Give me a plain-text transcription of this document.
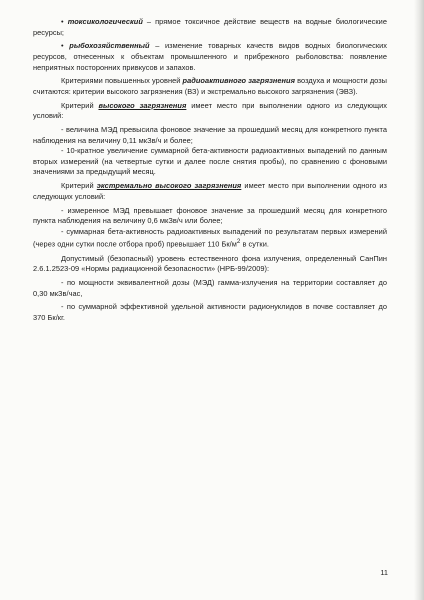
• токсикологический – прямое токсичное действие веществ на водные биологические ресурсы;

• рыбохозяйственный – изменение товарных качеств видов водных биологических ресурсов, отнесенных к объектам промышленного и прибрежного рыболовства: появление неприятных посторонних привкусов и запахов.

Критериями повышенных уровней радиоактивного загрязнения воздуха и мощности дозы считаются: критерии высокого загрязнения (ВЗ) и экстремально высокого загрязнения (ЭВЗ).

Критерий высокого загрязнения имеет место при выполнении одного из следующих условий:

- величина МЭД превысила фоновое значение за прошедший месяц для конкретного пункта наблюдения на величину 0,11 мкЗв/ч и более;

- 10-кратное увеличение суммарной бета-активности радиоактивных выпадений по данным вторых измерений (на четвертые сутки и далее после снятия пробы), по сравнению с фоновыми значениями за предыдущий месяц.

Критерий экстремально высокого загрязнения имеет место при выполнении одного из следующих условий:

- измеренное МЭД превышает фоновое значение за прошедший месяц для конкретного пункта наблюдения на величину 0,6 мкЗв/ч или более;

- суммарная бета-активность радиоактивных выпадений по результатам первых измерений (через одни сутки после отбора проб) превышает 110 $Бк/м^2$ в сутки.

Допустимый (безопасный) уровень естественного фона излучения, определенный СанПин 2.6.1.2523-09 «Нормы радиационной безопасности» (НРБ-99/2009):

- по мощности эквивалентной дозы (МЭД) гамма-излучения на территории составляет до 0,30 мкЗв/час,

- по суммарной эффективной удельной активности радионуклидов в почве составляет до 370 Бк/кг.

11
